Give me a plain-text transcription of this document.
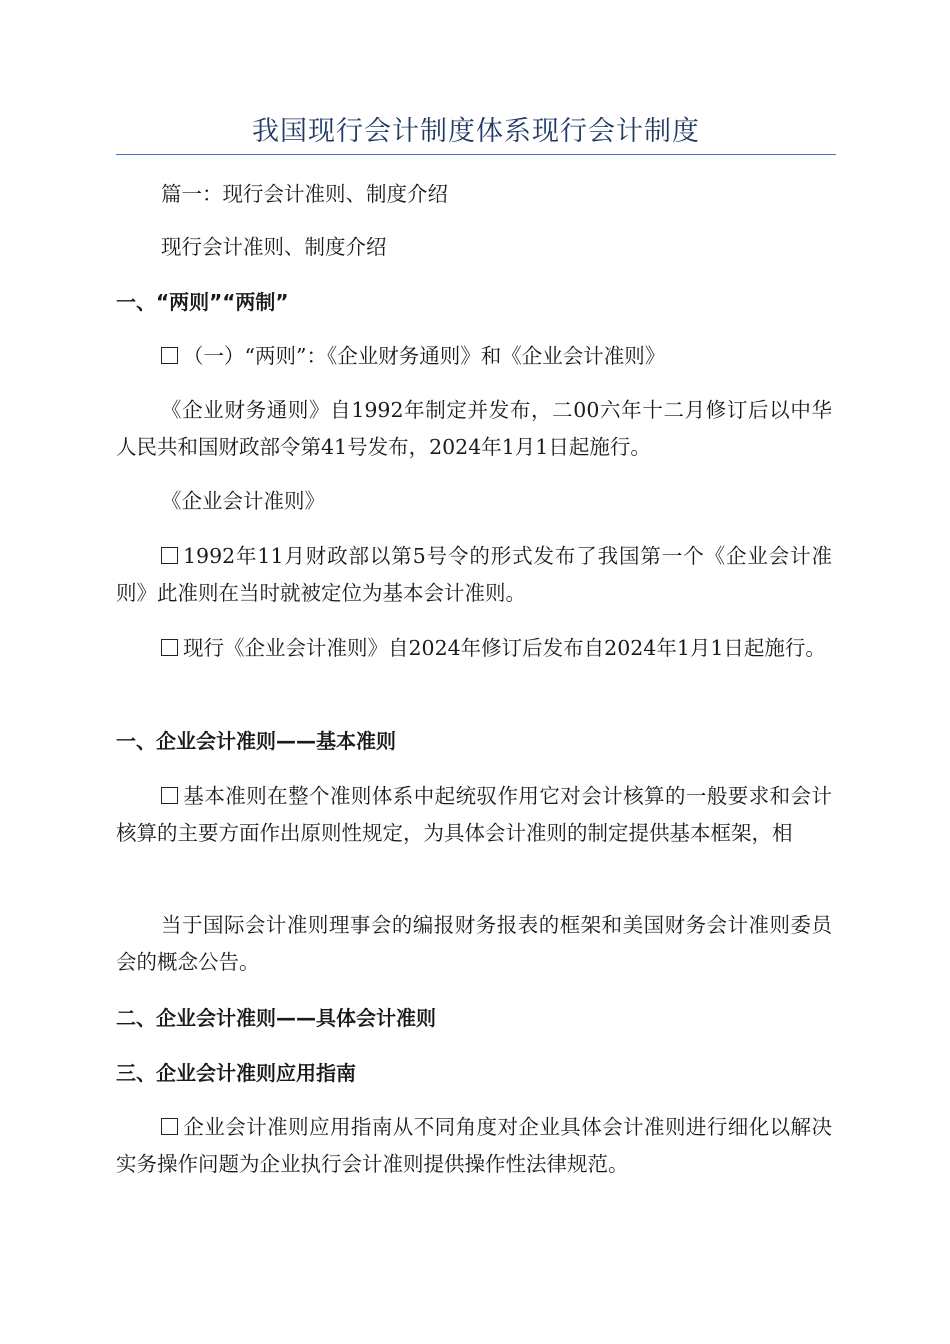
我国现行会计制度体系现行会计制度

篇一：现行会计准则、制度介绍

现行会计准则、制度介绍

一、“两则”“两制”

（一）“两则”：《企业财务通则》和《企业会计准则》

《企业财务通则》自1992年制定并发布，二00六年十二月修订后以中华人民共和国财政部令第41号发布，2024年1月1日起施行。

《企业会计准则》

1992年11月财政部以第5号令的形式发布了我国第一个《企业会计准则》此准则在当时就被定位为基本会计准则。

现行《企业会计准则》自2024年修订后发布自2024年1月1日起施行。

一、企业会计准则——基本准则

基本准则在整个准则体系中起统驭作用它对会计核算的一般要求和会计核算的主要方面作出原则性规定，为具体会计准则的制定提供基本框架，相

当于国际会计准则理事会的编报财务报表的框架和美国财务会计准则委员会的概念公告。

二、企业会计准则——具体会计准则

三、企业会计准则应用指南

企业会计准则应用指南从不同角度对企业具体会计准则进行细化以解决实务操作问题为企业执行会计准则提供操作性法律规范。
